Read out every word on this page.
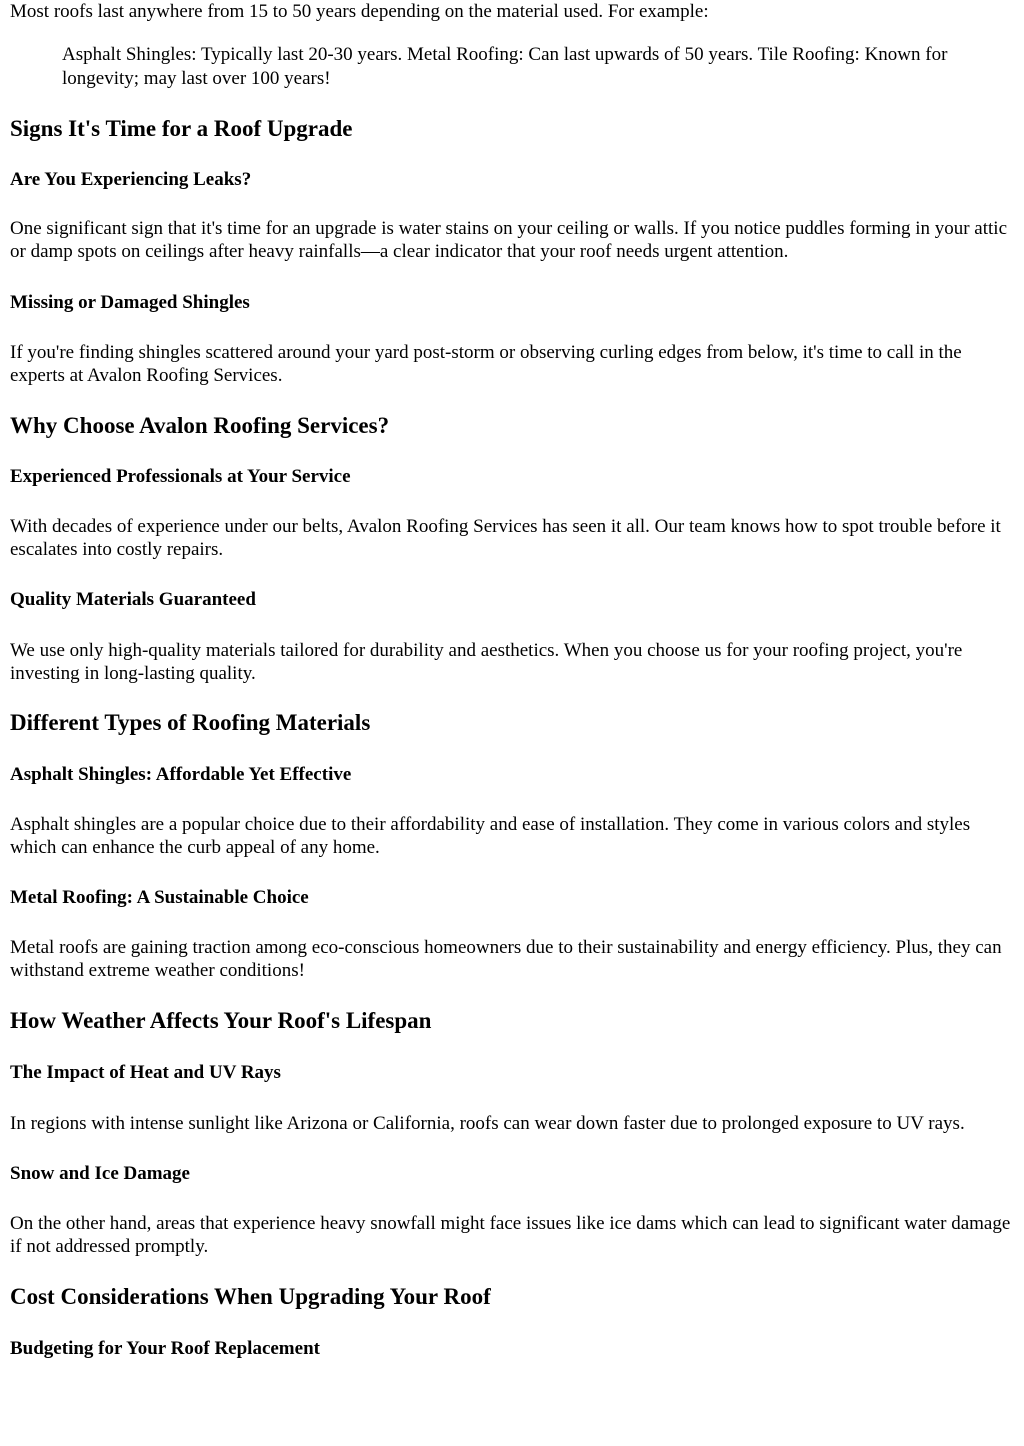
Most roofs last anywhere from 15 to 50 years depending on the material used. For example:

Asphalt Shingles: Typically last 20-30 years. Metal Roofing: Can last upwards of 50 years. Tile Roofing: Known for longevity; may last over 100 years!
Signs It's Time for a Roof Upgrade
Are You Experiencing Leaks?

One significant sign that it's time for an upgrade is water stains on your ceiling or walls. If you notice puddles forming in your attic or damp spots on ceilings after heavy rainfalls—a clear indicator that your roof needs urgent attention.

Missing or Damaged Shingles

If you're finding shingles scattered around your yard post-storm or observing curling edges from below, it's time to call in the experts at Avalon Roofing Services.

Why Choose Avalon Roofing Services?
Experienced Professionals at Your Service

With decades of experience under our belts, Avalon Roofing Services has seen it all. Our team knows how to spot trouble before it escalates into costly repairs.

Quality Materials Guaranteed

We use only high-quality materials tailored for durability and aesthetics. When you choose us for your roofing project, you're investing in long-lasting quality.

Different Types of Roofing Materials
Asphalt Shingles: Affordable Yet Effective

Asphalt shingles are a popular choice due to their affordability and ease of installation. They come in various colors and styles which can enhance the curb appeal of any home.

Metal Roofing: A Sustainable Choice

Metal roofs are gaining traction among eco-conscious homeowners due to their sustainability and energy efficiency. Plus, they can withstand extreme weather conditions!

How Weather Affects Your Roof's Lifespan
The Impact of Heat and UV Rays

In regions with intense sunlight like Arizona or California, roofs can wear down faster due to prolonged exposure to UV rays.

Snow and Ice Damage

On the other hand, areas that experience heavy snowfall might face issues like ice dams which can lead to significant water damage if not addressed promptly.

Cost Considerations When Upgrading Your Roof
Budgeting for Your Roof Replacement
